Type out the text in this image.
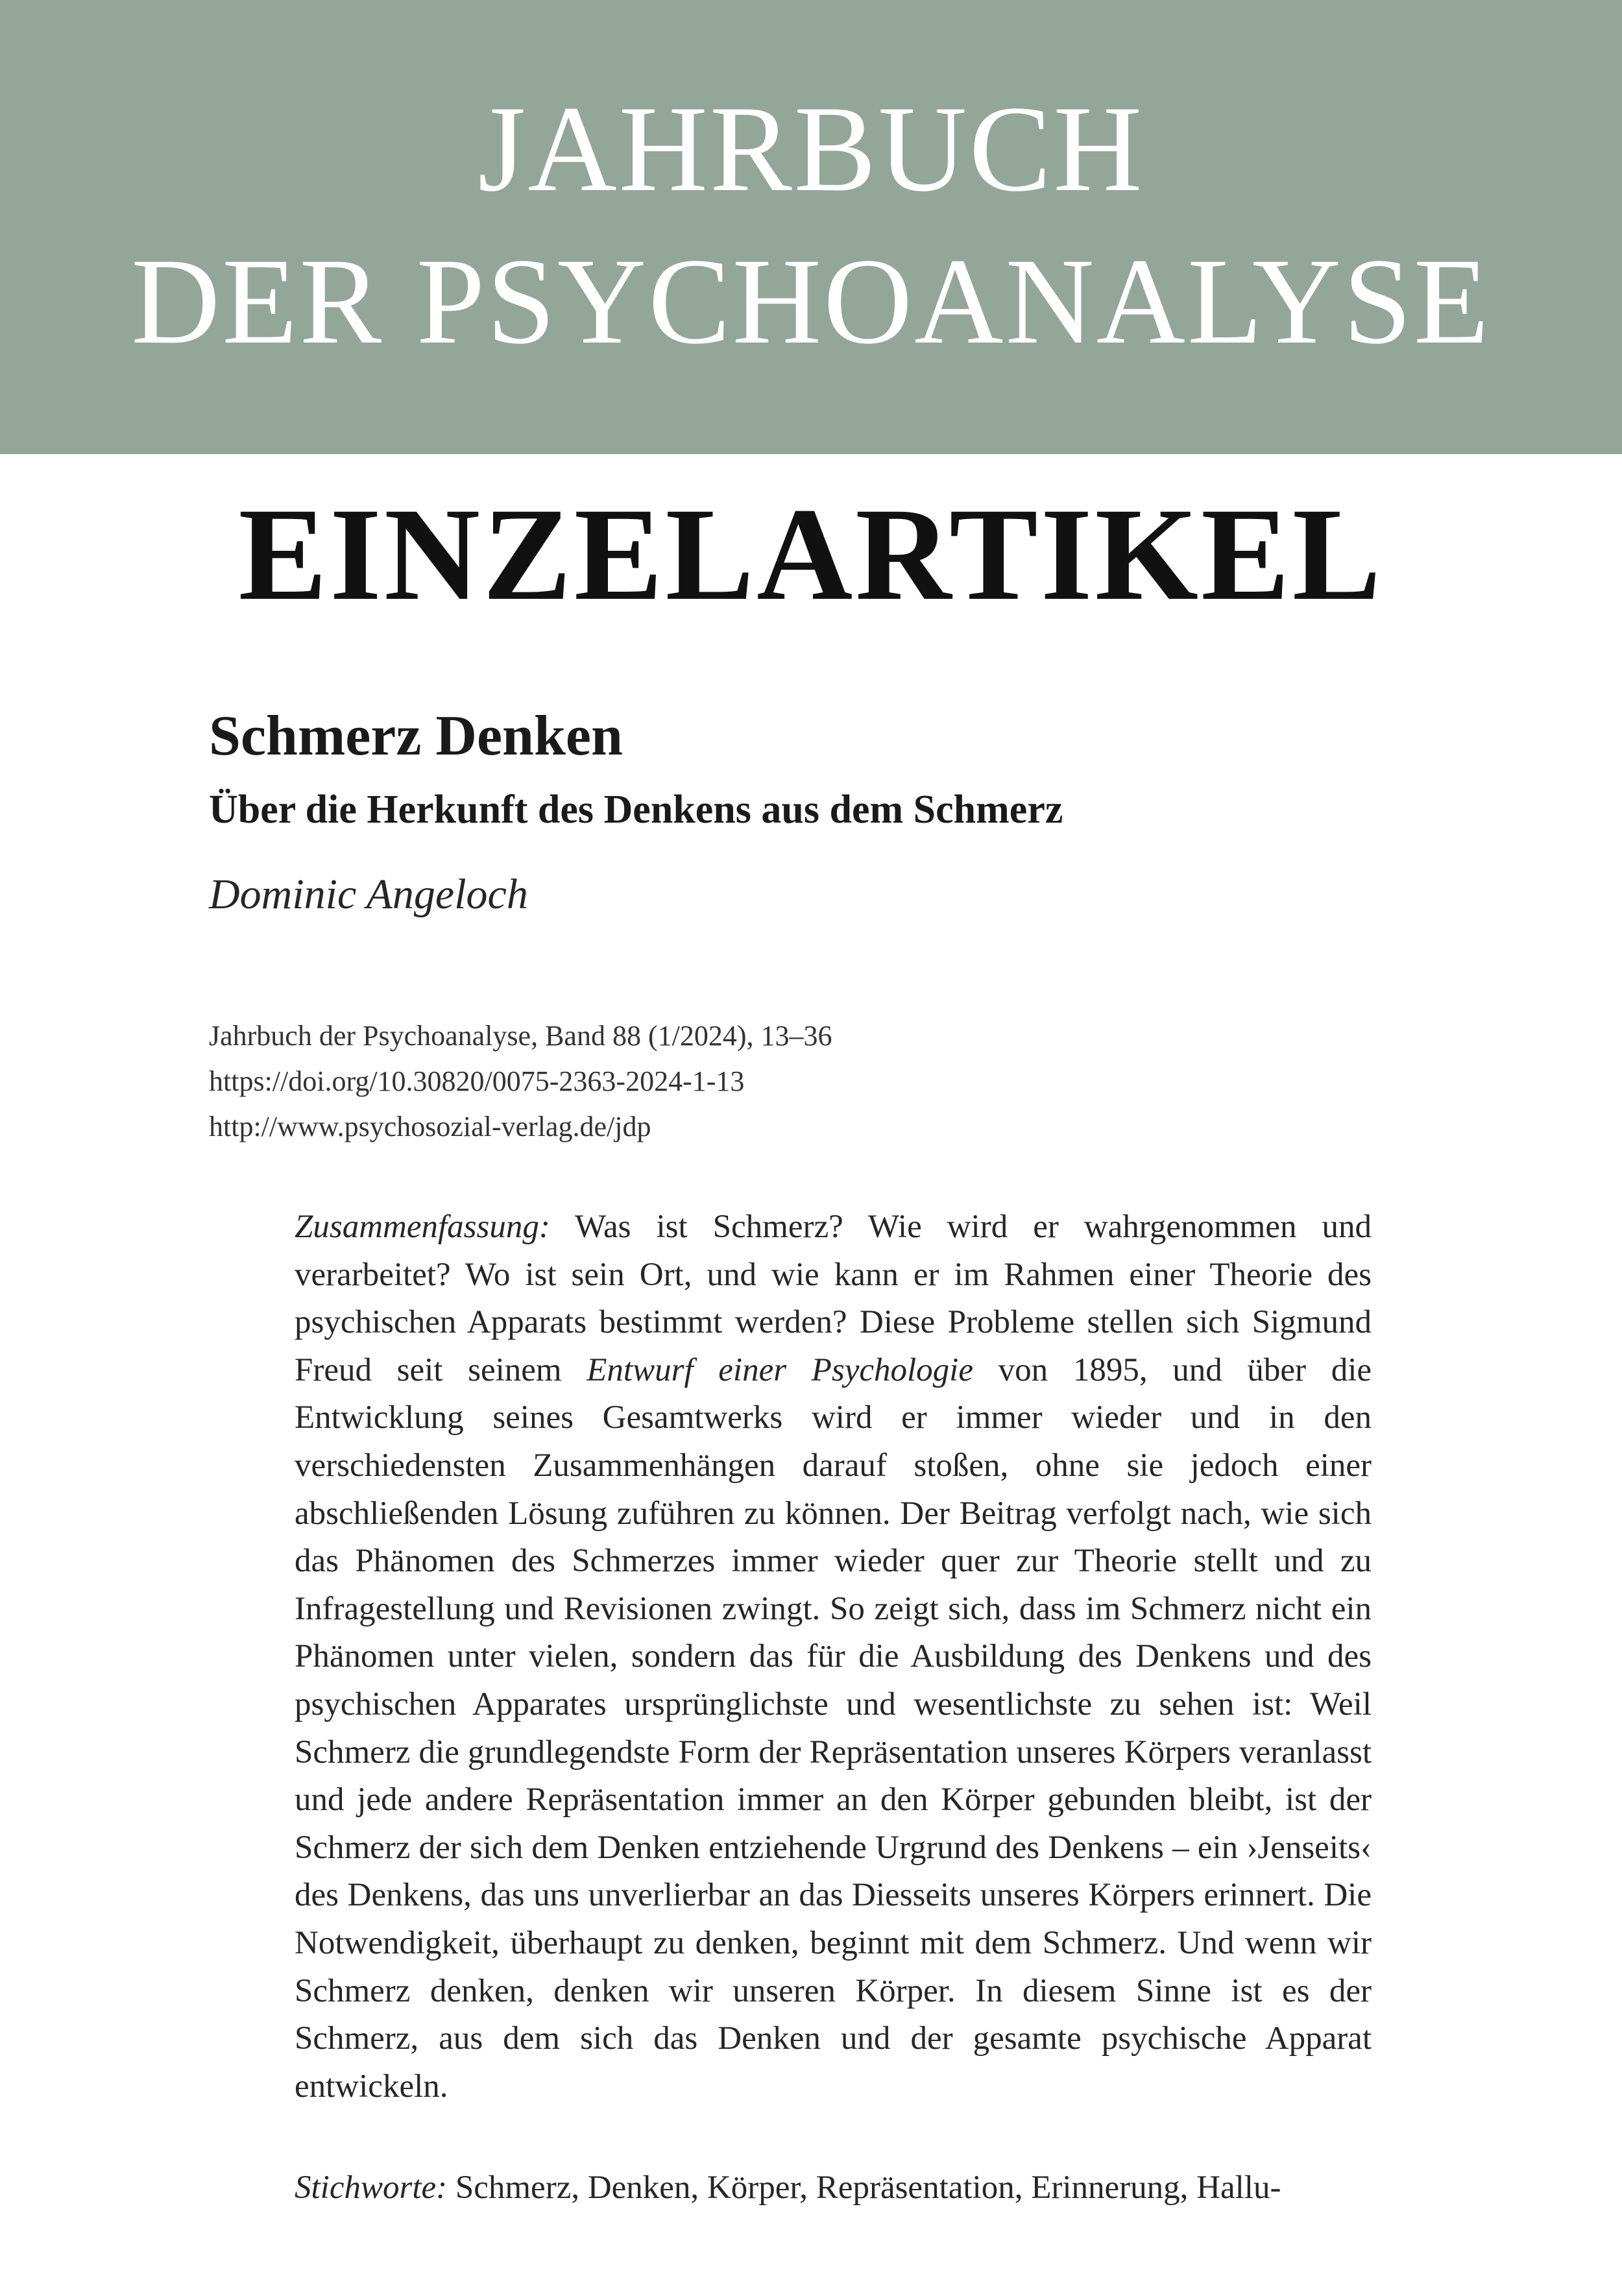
JAHRBUCH
DER PSYCHOANALYSE
EINZELARTIKEL
Schmerz Denken
Über die Herkunft des Denkens aus dem Schmerz
Dominic Angeloch
Jahrbuch der Psychoanalyse, Band 88 (1/2024), 13–36
https://doi.org/10.30820/0075-2363-2024-1-13
http://www.psychosozial-verlag.de/jdp
Zusammenfassung: Was ist Schmerz? Wie wird er wahrgenommen und verarbeitet? Wo ist sein Ort, und wie kann er im Rahmen einer Theorie des psychischen Apparats bestimmt werden? Diese Probleme stellen sich Sigmund Freud seit seinem Entwurf einer Psychologie von 1895, und über die Entwicklung seines Gesamtwerks wird er immer wieder und in den verschiedensten Zusammenhängen darauf stoßen, ohne sie jedoch einer abschließenden Lösung zuführen zu können. Der Beitrag verfolgt nach, wie sich das Phänomen des Schmerzes immer wieder quer zur Theorie stellt und zu Infragestellung und Revisionen zwingt. So zeigt sich, dass im Schmerz nicht ein Phänomen unter vielen, sondern das für die Ausbildung des Denkens und des psychischen Apparates ursprünglichste und wesentlichste zu sehen ist: Weil Schmerz die grundlegendste Form der Repräsentation unseres Körpers veranlasst und jede andere Repräsentation immer an den Körper gebunden bleibt, ist der Schmerz der sich dem Denken entziehende Urgrund des Denkens – ein ›Jenseits‹ des Denkens, das uns unverlierbar an das Diesseits unseres Körpers erinnert. Die Notwendigkeit, überhaupt zu denken, beginnt mit dem Schmerz. Und wenn wir Schmerz denken, denken wir unseren Körper. In diesem Sinne ist es der Schmerz, aus dem sich das Denken und der gesamte psychische Apparat entwickeln.
Stichworte: Schmerz, Denken, Körper, Repräsentation, Erinnerung, Hallu-
